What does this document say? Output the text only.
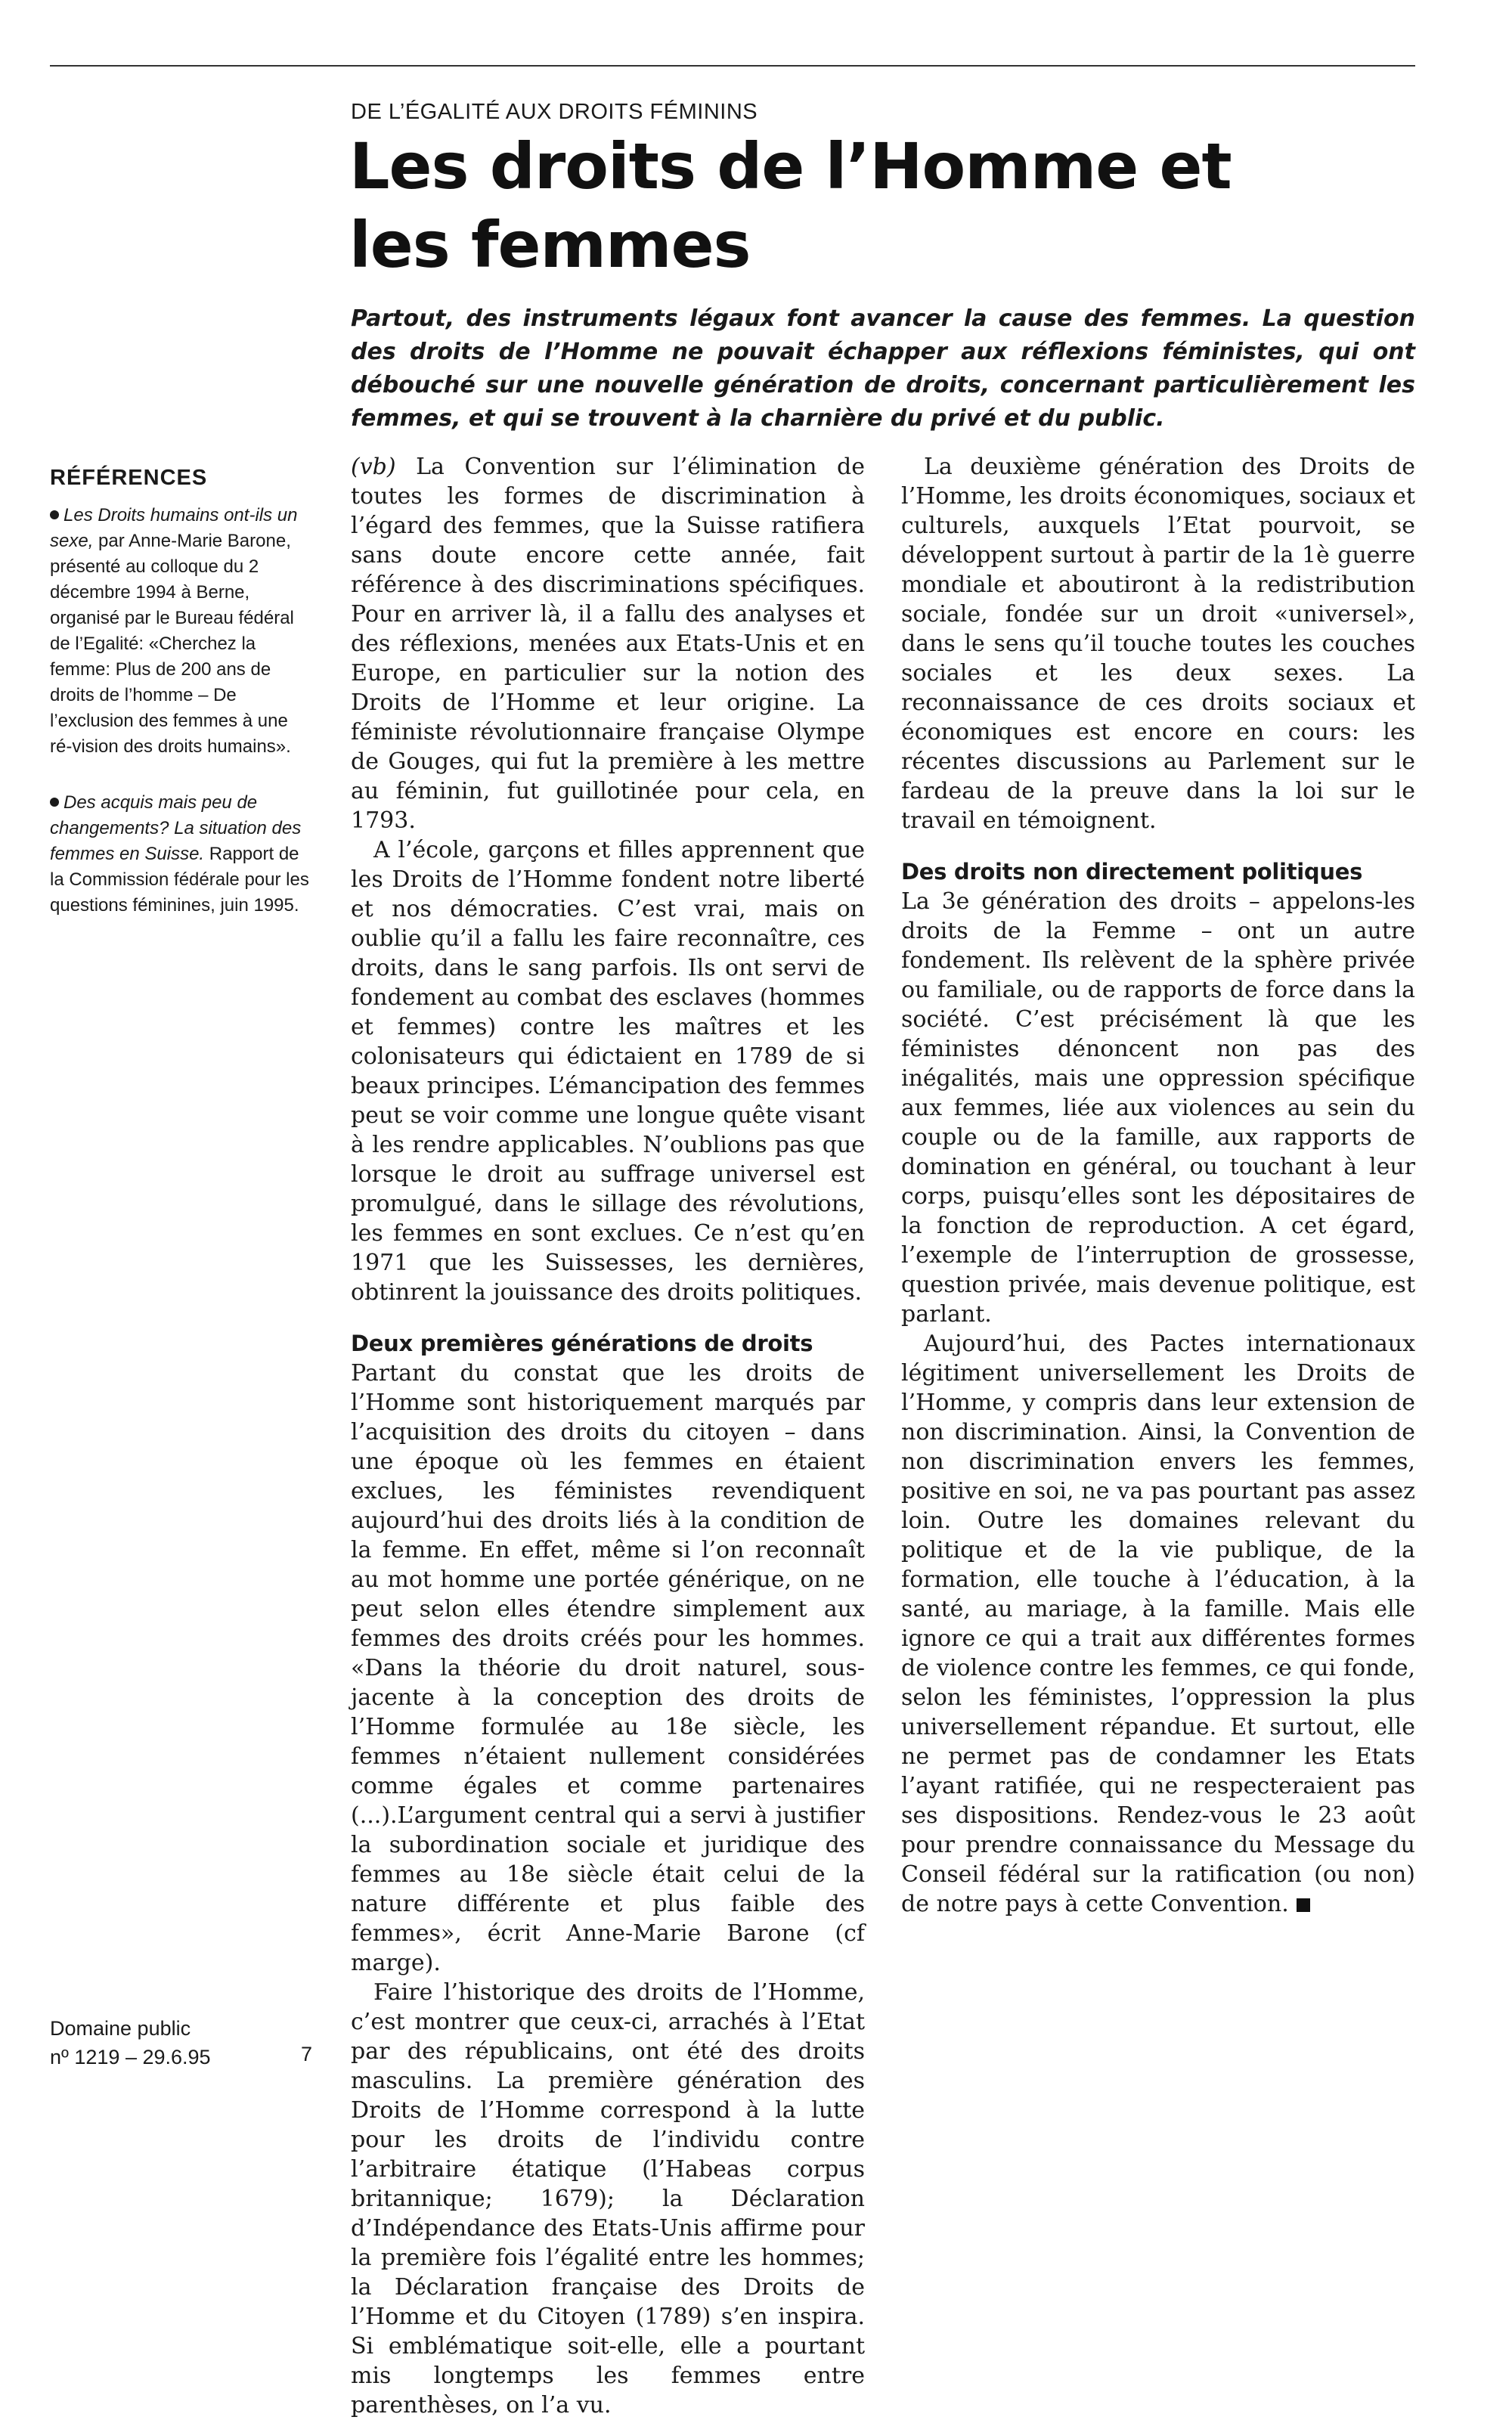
DE L’ÉGALITÉ AUX DROITS FÉMININS
Les droits de l’Homme et
les femmes

Partout, des instruments légaux font avancer la cause des femmes. La question des droits de l’Homme ne pouvait échapper aux réflexions féministes, qui ont débouché sur une nouvelle génération de droits, concernant particulièrement les femmes, et qui se trouvent à la charnière du privé et du public.

RÉFÉRENCES

Les Droits humains ont-ils un sexe, par Anne-Marie Barone, présenté au colloque du 2 décembre 1994 à Berne, organisé par le Bureau fédéral de l’Egalité: «Cherchez la femme: Plus de 200 ans de droits de l’homme – De l’exclusion des femmes à une ré-vision des droits humains».

Des acquis mais peu de changements? La situation des femmes en Suisse. Rapport de la Commission fédérale pour les questions féminines, juin 1995.

(vb) La Convention sur l’élimination de toutes les formes de discrimination à l’égard des femmes, que la Suisse ratifiera sans doute encore cette année, fait référence à des discriminations spécifiques. Pour en arriver là, il a fallu des analyses et des réflexions, menées aux Etats-Unis et en Europe, en particulier sur la notion des Droits de l’Homme et leur origine. La féministe révolutionnaire française Olympe de Gouges, qui fut la première à les mettre au féminin, fut guillotinée pour cela, en 1793.

A l’école, garçons et filles apprennent que les Droits de l’Homme fondent notre liberté et nos démocraties. C’est vrai, mais on oublie qu’il a fallu les faire reconnaître, ces droits, dans le sang parfois. Ils ont servi de fondement au combat des esclaves (hommes et femmes) contre les maîtres et les colonisateurs qui édictaient en 1789 de si beaux principes. L’émancipation des femmes peut se voir comme une longue quête visant à les rendre applicables. N’oublions pas que lorsque le droit au suffrage universel est promulgué, dans le sillage des révolutions, les femmes en sont exclues. Ce n’est qu’en 1971 que les Suissesses, les dernières, obtinrent la jouissance des droits politiques.

Deux premières générations de droits

Partant du constat que les droits de l’Homme sont historiquement marqués par l’acquisition des droits du citoyen – dans une époque où les femmes en étaient exclues, les féministes revendiquent aujourd’hui des droits liés à la condition de la femme. En effet, même si l’on reconnaît au mot homme une portée générique, on ne peut selon elles étendre simplement aux femmes des droits créés pour les hommes. «Dans la théorie du droit naturel, sous-jacente à la conception des droits de l’Homme formulée au 18e siècle, les femmes n’étaient nullement considérées comme égales et comme partenaires (...).L’argument central qui a servi à justifier la subordination sociale et juridique des femmes au 18e siècle était celui de la nature différente et plus faible des femmes», écrit Anne-Marie Barone (cf marge).

Faire l’historique des droits de l’Homme, c’est montrer que ceux-ci, arrachés à l’Etat par des républicains, ont été des droits masculins. La première génération des Droits de l’Homme correspond à la lutte pour les droits de l’individu contre l’arbitraire étatique (l’Habeas corpus britannique; 1679); la Déclaration d’Indépendance des Etats-Unis affirme pour la première fois l’égalité entre les hommes; la Déclaration française des Droits de l’Homme et du Citoyen (1789) s’en inspira. Si emblématique soit-elle, elle a pourtant mis longtemps les femmes entre parenthèses, on l’a vu.

La deuxième génération des Droits de l’Homme, les droits économiques, sociaux et culturels, auxquels l’Etat pourvoit, se développent surtout à partir de la 1è guerre mondiale et aboutiront à la redistribution sociale, fondée sur un droit «universel», dans le sens qu’il touche toutes les couches sociales et les deux sexes. La reconnaissance de ces droits sociaux et économiques est encore en cours: les récentes discussions au Parlement sur le fardeau de la preuve dans la loi sur le travail en témoignent.

Des droits non directement politiques

La 3e génération des droits – appelons-les droits de la Femme – ont un autre fondement. Ils relèvent de la sphère privée ou familiale, ou de rapports de force dans la société. C’est précisément là que les féministes dénoncent non pas des inégalités, mais une oppression spécifique aux femmes, liée aux violences au sein du couple ou de la famille, aux rapports de domination en général, ou touchant à leur corps, puisqu’elles sont les dépositaires de la fonction de reproduction. A cet égard, l’exemple de l’interruption de grossesse, question privée, mais devenue politique, est parlant.

Aujourd’hui, des Pactes internationaux légitiment universellement les Droits de l’Homme, y compris dans leur extension de non discrimination. Ainsi, la Convention de non discrimination envers les femmes, positive en soi, ne va pas pourtant pas assez loin. Outre les domaines relevant du politique et de la vie publique, de la formation, elle touche à l’éducation, à la santé, au mariage, à la famille. Mais elle ignore ce qui a trait aux différentes formes de violence contre les femmes, ce qui fonde, selon les féministes, l’oppression la plus universellement répandue. Et surtout, elle ne permet pas de condamner les Etats l’ayant ratifiée, qui ne respecteraient pas ses dispositions. Rendez-vous le 23 août pour prendre connaissance du Message du Conseil fédéral sur la ratification (ou non) de notre pays à cette Convention.

Domaine public
nº 1219 – 29.6.95	7
